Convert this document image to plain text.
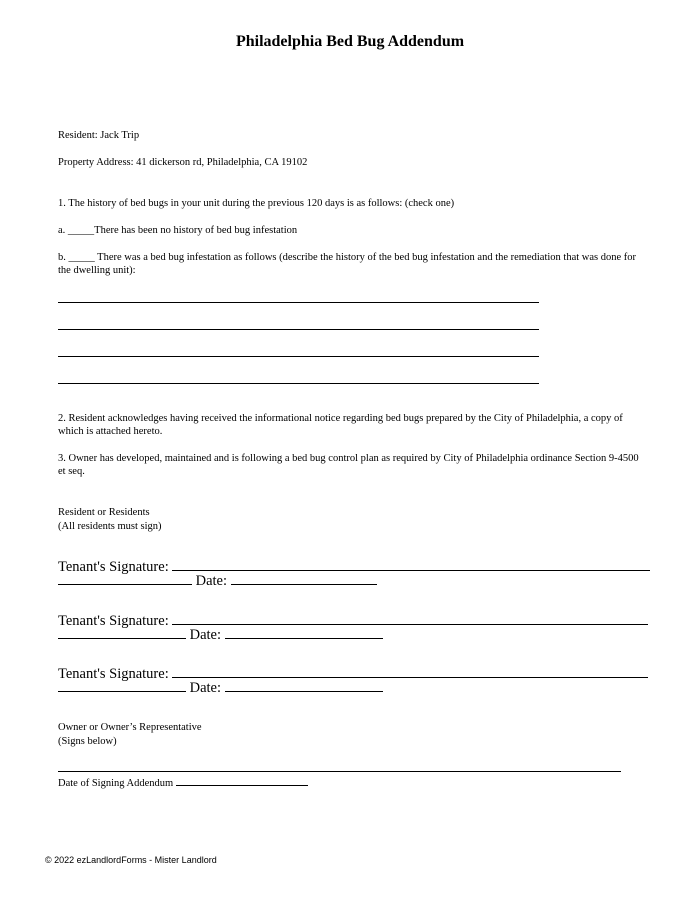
Philadelphia Bed Bug Addendum
Resident: Jack Trip
Property Address: 41 dickerson rd, Philadelphia, CA 19102
1. The history of bed bugs in your unit during the previous 120 days is as follows: (check one)
a. _____There has been no history of bed bug infestation
b. _____ There was a bed bug infestation as follows (describe the history of the bed bug infestation and the remediation that was done for the dwelling unit):
2. Resident acknowledges having received the informational notice regarding bed bugs prepared by the City of Philadelphia, a copy of which is attached hereto.
3. Owner has developed, maintained and is following a bed bug control plan as required by City of Philadelphia ordinance Section 9-4500 et seq.
Resident or Residents
(All residents must sign)
Tenant's Signature:
Date:
Tenant's Signature:
Date:
Tenant's Signature:
Date:
Owner or Owner’s Representative
(Signs below)
Date of Signing Addendum
© 2022 ezLandlordForms - Mister Landlord
